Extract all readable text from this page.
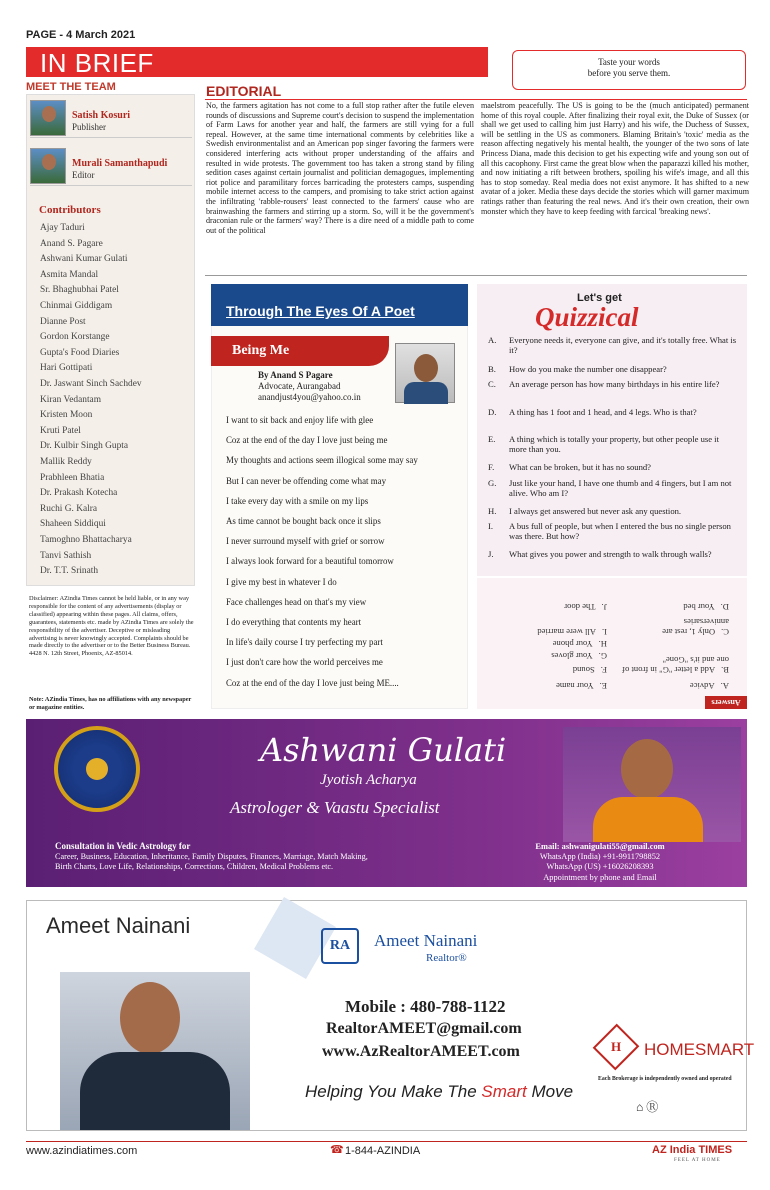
PAGE - 4 March 2021
IN BRIEF	Taste your words
before you serve them.
MEET THE TEAM
Satish Kosuri
Publisher
Murali Samanthapudi
Editor
Contributors
Ajay Taduri
Anand S. Pagare
Ashwani Kumar Gulati
Asmita Mandal
Sr. Bhaghubhai Patel
Chinmai Giddigam
Dianne Post
Gordon Korstange
Gupta's Food Diaries
Hari Gottipati
Dr. Jaswant Sinch Sachdev
Kiran Vedantam
Kristen Moon
Kruti Patel
Dr. Kulbir Singh Gupta
Mallik Reddy
Prabhleen Bhatia
Dr. Prakash Kotecha
Ruchi G. Kalra
Shaheen Siddiqui
Tamoghno Bhattacharya
Tanvi Sathish
Dr. T.T. Srinath
Disclaimer: AZindia Times cannot be held liable, or in any way responsible for the content of any advertisements (display or classified) appearing within these pages. All claims, offers, guarantees, statements etc. made by AZindia Times are solely the responsibility of the advertiser. Deceptive or misleading advertising is never knowingly accepted. Complaints should be made directly to the advertiser or to the Better Business Bureau. 4428 N. 12th Street, Phoenix, AZ-85014.
Note: AZindia Times, has no affiliations with any newspaper or magazine entities.
EDITORIAL
No, the farmers agitation has not come to a full stop rather after the futile eleven rounds of discussions and Supreme court's decision to suspend the implementation of Farm Laws for another year and half, the farmers are still vying for a full repeal. However, at the same time international comments by celebrities like a Swedish environmentalist and an American pop singer favoring the farmers were considered interfering acts without proper understanding of the affairs and resulted in wide protests. The government too has taken a strong stand by filing sedition cases against certain journalist and politician demagogues, implementing riot police and paramilitary forces barricading the protesters camps, suspending mobile internet access to the campers, and promising to take strict action against the infiltrating 'rabble-rousers' least connected to the farmers' cause who are brainwashing the farmers and stirring up a storm. So, will it be the government's draconian rule or the farmers' way? There is a dire need of a middle path to come out of the political
maelstrom peacefully. The US is going to be the (much anticipated) permanent home of this royal couple. After finalizing their royal exit, the Duke of Sussex (or shall we get used to calling him just Harry) and his wife, the Duchess of Sussex, will be settling in the US as commoners. Blaming Britain's 'toxic' media as the reason affecting negatively his mental health, the younger of the two sons of late Princess Diana, made this decision to get his expecting wife and young son out of all this cacophony. First came the great blow when the paparazzi killed his mother, and now initiating a rift between brothers, spoiling his wife's image, and all this has to stop someday. Real media does not exist anymore. It has shifted to a new avatar of a joker. Media these days decide the stories which will garner maximum ratings rather than featuring the real news. And it's their own creation, their own monster which they have to keep feeding with farcical 'breaking news'.
Through The Eyes Of A Poet
Being Me
By Anand S Pagare
Advocate, Aurangabad
anandjust4you@yahoo.co.in
I want to sit back and enjoy life with glee
Coz at the end of the day I love just being me
My thoughts and actions seem illogical some may say
But I can never be offending come what may
I take every day with a smile on my lips
As time cannot be bought back once it slips
I never surround myself with grief or sorrow
I always look forward for a beautiful tomorrow
I give my best in whatever I do
Face challenges head on that's my view
I do everything that contents my heart
In life's daily course I try perfecting my part
I just don't care how the world perceives me
Coz at the end of the day I love just being ME....
Let's get
Quizzical
A. Everyone needs it, everyone can give, and it's totally free. What is it?
B. How do you make the number one disappear?
C. An average person has how many birthdays in his entire life?
D. A thing has 1 foot and 1 head, and 4 legs. Who is that?
E. A thing which is totally your property, but other people use it more than you.
F. What can be broken, but it has no sound?
G. Just like your hand, I have one thumb and 4 fingers, but I am not alive. Who am I?
H. I always get answered but never ask any question.
I. A bus full of people, but when I entered the bus no single person was there. But how?
J. What gives you power and strength to walk through walls?
Answers
A.Advice
B.Add a letter "G" in front of one and it's "Gone"
C.Only 1, rest are anniversaries
D.Your bed
E.Your name
F.Sound
G.Your gloves
H.Your phone
I.All were married
J.The door
Ashwani Gulati
Jyotish Acharya
Astrologer & Vaastu Specialist
Consultation in Vedic Astrology for
Career, Business, Education, Inheritance, Family Disputes, Finances, Marriage, Match Making, Birth Charts, Love Life, Relationships, Corrections, Children, Medical Problems etc.
Email: ashwanigulati55@gmail.com
WhatsApp (India) +91-9911798852
WhatsApp (US) +16026208393
Appointment by phone and Email
Ameet Nainani
RA	Ameet Nainani
Realtor®
Mobile : 480-788-1122
RealtorAMEET@gmail.com
www.AzRealtorAMEET.com
Helping You Make The Smart Move
H	HOMESMART
Each Brokerage is independently owned and operated
⌂ Ⓡ
www.azindiatimes.com	☎ 1-844-AZINDIA	AZ India TIMES
FEEL AT HOME
